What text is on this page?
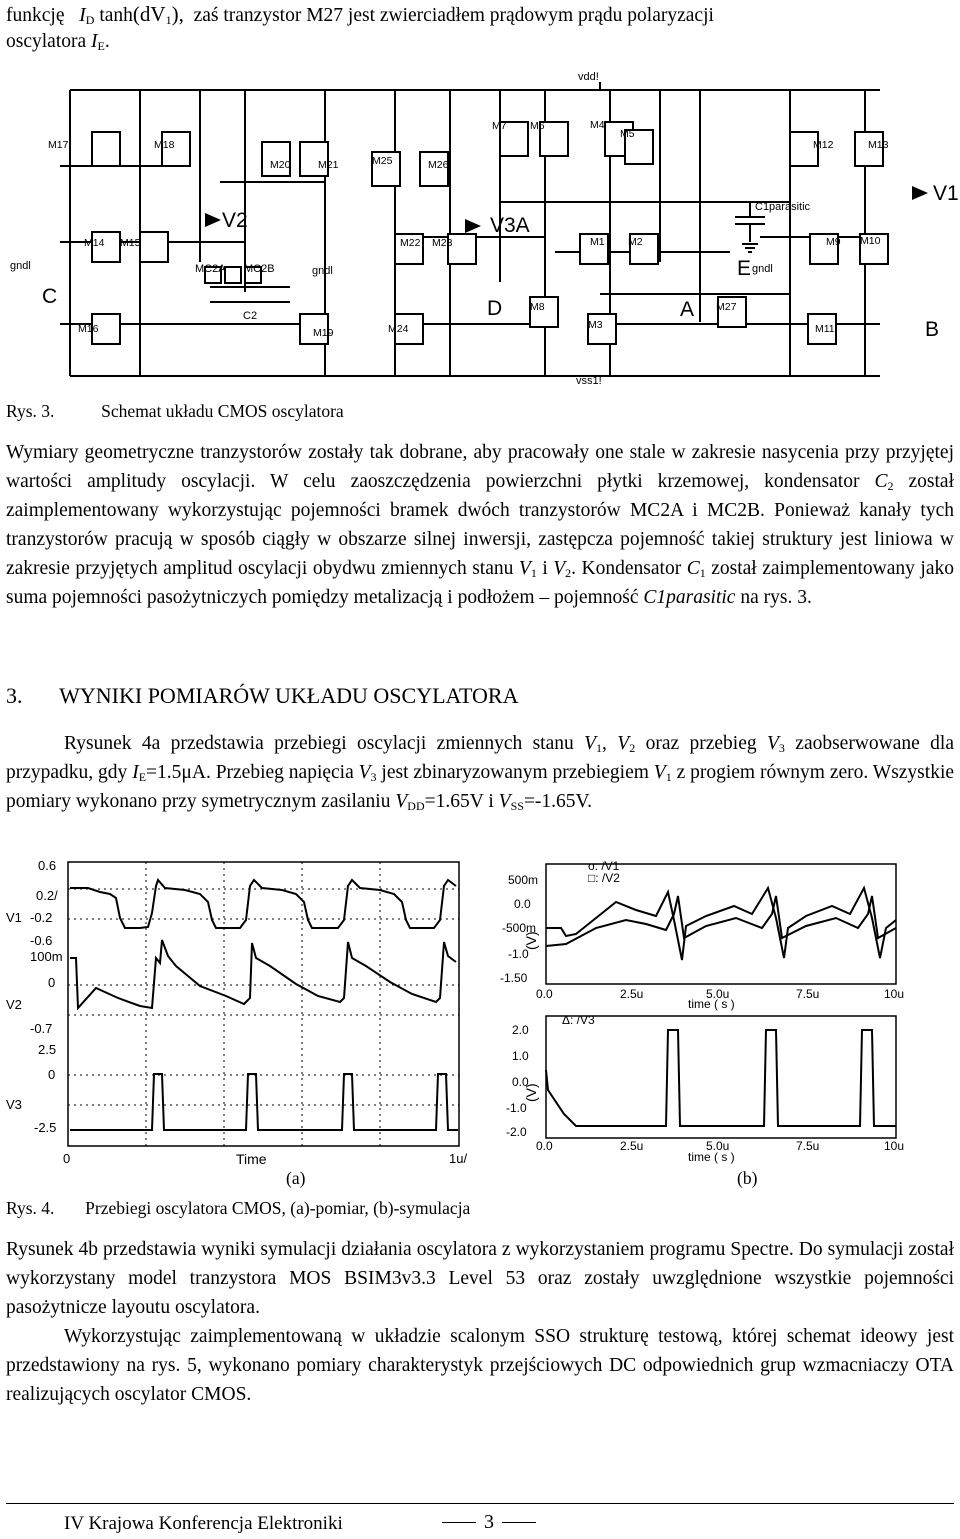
funkcję $I_D$ $\tanh(dV_1)$, zaś tranzystor M27 jest zwierciadłem prądowym prądu polaryzacji
oscylatora $I_E$.
vdd!
vss1!
C1parasitic
C2
MC2A MC2B
gndl	gndl	gndl
M17	M18
M20	M21	M25	M26
M7 M6	M4
M5
M12	M13
M14 M15	M22 M23	M1 M2	M9 M10
M16	M19	M24
M8
M3
M27
M11
V1
V2	V3A
C
B
D	A
E
Rys. 3.	Schemat układu CMOS oscylatora
Wymiary geometryczne tranzystorów zostały tak dobrane, aby pracowały one stale w zakresie nasycenia przy przyjętej wartości amplitudy oscylacji. W celu zaoszczędzenia powierzchni płytki krzemowej, kondensator $C_2$ został zaimplementowany wykorzystując pojemności bramek dwóch tranzystorów MC2A i MC2B. Ponieważ kanały tych tranzystorów pracują w sposób ciągły w obszarze silnej inwersji, zastępcza pojemność takiej struktury jest liniowa w zakresie przyjętych amplitud oscylacji obydwu zmiennych stanu $V_1$ i $V_2$. Kondensator $C_1$ został zaimplementowany jako suma pojemności pasożytniczych pomiędzy metalizacją i podłożem – pojemność C1parasitic na rys. 3.
3. WYNIKI POMIARÓW UKŁADU OSCYLATORA
Rysunek 4a przedstawia przebiegi oscylacji zmiennych stanu $V_1$, $V_2$ oraz przebieg $V_3$ zaobserwowane dla przypadku, gdy $I_E=1.5\mu A$. Przebieg napięcia $V_3$ jest zbinaryzowanym przebiegiem $V_1$ z progiem równym zero. Wszystkie pomiary wykonano przy symetrycznym zasilaniu $V_{DD}=1.65V$ i $V_{SS}=-1.65V$.
0.6
0.2/
V1 -0.2
-0.6
100m
0
V2
-0.7
2.5
0
V3
-2.5
0	1u/
Time
(a)
o: /V1
□: /V2
500m
0.0
-500m
-1.0
-1.50
0.0	2.5u	5.0u	7.5u	10u
time ( s )
(V)
Δ: /V3
2.0
1.0
0.0
-1.0
-2.0
0.0	2.5u	5.0u	7.5u	10u
time ( s )
(V)
(b)
Rys. 4. Przebiegi oscylatora CMOS, (a)-pomiar, (b)-symulacja
Rysunek 4b przedstawia wyniki symulacji działania oscylatora z wykorzystaniem programu Spectre. Do symulacji został wykorzystany model tranzystora MOS BSIM3v3.3 Level 53 oraz zostały uwzględnione wszystkie pojemności pasożytnicze layoutu oscylatora.
Wykorzystując zaimplementowaną w układzie scalonym SSO strukturę testową, której schemat ideowy jest przedstawiony na rys. 5, wykonano pomiary charakterystyk przejściowych DC odpowiednich grup wzmacniaczy OTA realizujących oscylator CMOS.
IV Krajowa Konferencja Elektroniki	3
